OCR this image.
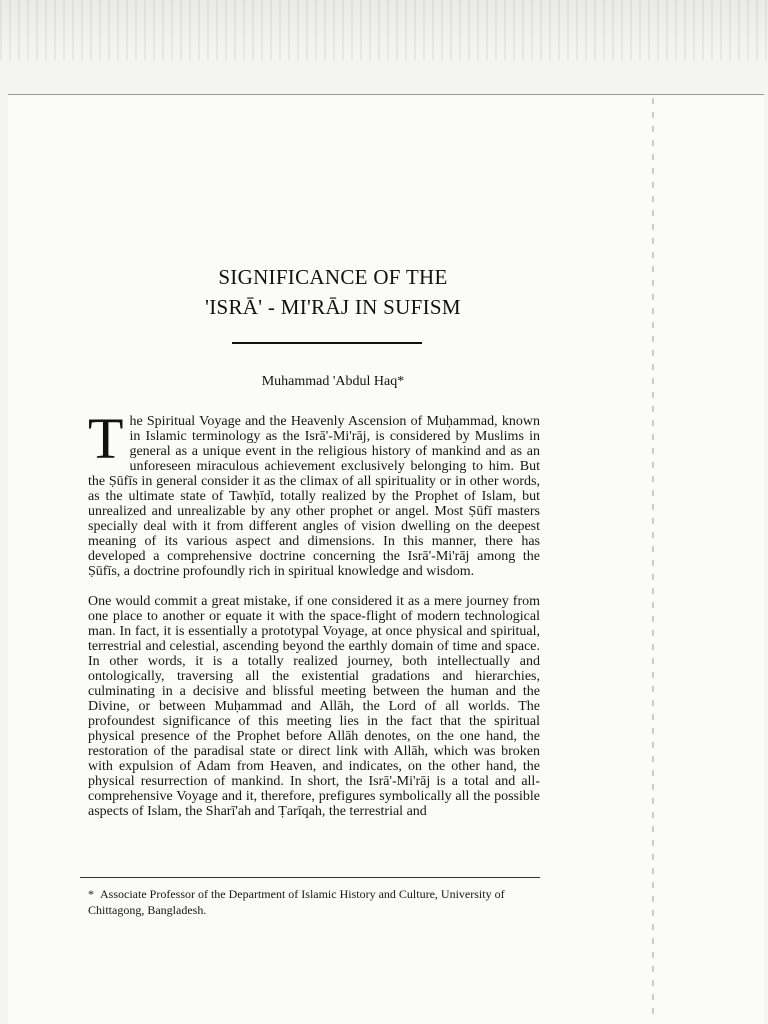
SIGNIFICANCE OF THE
'ISRĀ' - MI'RĀJ IN SUFISM
Muhammad 'Abdul Haq*

The Spiritual Voyage and the Heavenly Ascension of Muḥammad, known in Islamic terminology as the Isrā'-Mi'rāj, is considered by Muslims in general as a unique event in the religious history of mankind and as an unforeseen miraculous achievement exclusively belonging to him. But the Ṣūfīs in general consider it as the climax of all spirituality or in other words, as the ultimate state of Tawḥīd, totally realized by the Prophet of Islam, but unrealized and unrealizable by any other prophet or angel. Most Ṣūfī masters specially deal with it from different angles of vision dwelling on the deepest meaning of its various aspect and dimensions. In this manner, there has developed a comprehensive doctrine concerning the Isrā'-Mi'rāj among the Ṣūfīs, a doctrine profoundly rich in spiritual knowledge and wisdom.

One would commit a great mistake, if one considered it as a mere journey from one place to another or equate it with the space-flight of modern technological man. In fact, it is essentially a prototypal Voyage, at once physical and spiritual, terrestrial and celestial, ascending beyond the earthly domain of time and space. In other words, it is a totally realized journey, both intellectually and ontologically, traversing all the existential gradations and hierarchies, culminating in a decisive and blissful meeting between the human and the Divine, or between Muḥammad and Allāh, the Lord of all worlds. The profoundest significance of this meeting lies in the fact that the spiritual physical presence of the Prophet before Allāh denotes, on the one hand, the restoration of the paradisal state or direct link with Allāh, which was broken with expulsion of Adam from Heaven, and indicates, on the other hand, the physical resurrection of mankind. In short, the Isrā'-Mi'rāj is a total and all-comprehensive Voyage and it, therefore, prefigures symbolically all the possible aspects of Islam, the Sharī'ah and Ṭarīqah, the terrestrial and

* Associate Professor of the Department of Islamic History and Culture, University of Chittagong, Bangladesh.
